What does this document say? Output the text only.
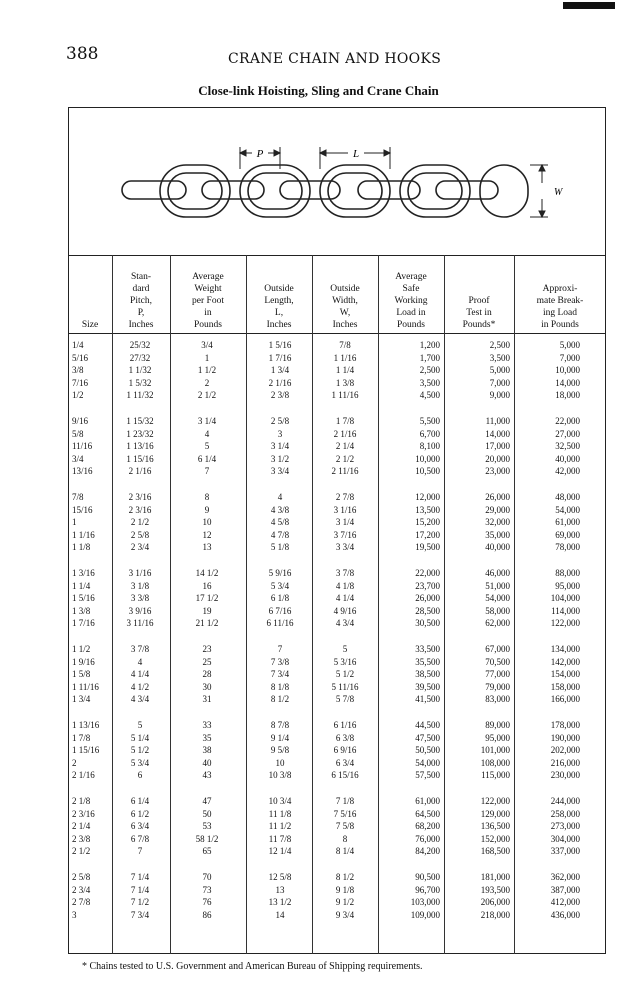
388	CRANE CHAIN AND HOOKS
Close-link Hoisting, Sling and Crane Chain
P	L
W
Size
Stan-
dard
Pitch,
P,
Inches
Average
Weight
per Foot
in
Pounds
Outside
Length,
L,
Inches
Outside
Width,
W,
Inches
Average
Safe
Working
Load in
Pounds
Proof
Test in
Pounds*
Approxi-
mate Break-
ing Load
in Pounds
1/4	25/32	3/4	1 5/16	7/8	1,200	2,500	5,000
5/16	27/32	1	1 7/16	1 1/16	1,700	3,500	7,000
3/8	1 1/32	1 1/2	1 3/4	1 1/4	2,500	5,000	10,000
7/16	1 5/32	2	2 1/16	1 3/8	3,500	7,000	14,000
1/2	1 11/32	2 1/2	2 3/8	1 11/16	4,500	9,000	18,000
9/16	1 15/32	3 1/4	2 5/8	1 7/8	5,500	11,000	22,000
5/8	1 23/32	4	3	2 1/16	6,700	14,000	27,000
11/16	1 13/16	5	3 1/4	2 1/4	8,100	17,000	32,500
3/4	1 15/16	6 1/4	3 1/2	2 1/2	10,000	20,000	40,000
13/16	2 1/16	7	3 3/4	2 11/16	10,500	23,000	42,000
7/8	2 3/16	8	4	2 7/8	12,000	26,000	48,000
15/16	2 3/16	9	4 3/8	3 1/16	13,500	29,000	54,000
1	2 1/2	10	4 5/8	3 1/4	15,200	32,000	61,000
1 1/16	2 5/8	12	4 7/8	3 7/16	17,200	35,000	69,000
1 1/8	2 3/4	13	5 1/8	3 3/4	19,500	40,000	78,000
1 3/16	3 1/16	14 1/2	5 9/16	3 7/8	22,000	46,000	88,000
1 1/4	3 1/8	16	5 3/4	4 1/8	23,700	51,000	95,000
1 5/16	3 3/8	17 1/2	6 1/8	4 1/4	26,000	54,000	104,000
1 3/8	3 9/16	19	6 7/16	4 9/16	28,500	58,000	114,000
1 7/16	3 11/16	21 1/2	6 11/16	4 3/4	30,500	62,000	122,000
1 1/2	3 7/8	23	7	5	33,500	67,000	134,000
1 9/16	4	25	7 3/8	5 3/16	35,500	70,500	142,000
1 5/8	4 1/4	28	7 3/4	5 1/2	38,500	77,000	154,000
1 11/16	4 1/2	30	8 1/8	5 11/16	39,500	79,000	158,000
1 3/4	4 3/4	31	8 1/2	5 7/8	41,500	83,000	166,000
1 13/16	5	33	8 7/8	6 1/16	44,500	89,000	178,000
1 7/8	5 1/4	35	9 1/4	6 3/8	47,500	95,000	190,000
1 15/16	5 1/2	38	9 5/8	6 9/16	50,500	101,000	202,000
2	5 3/4	40	10	6 3/4	54,000	108,000	216,000
2 1/16	6	43	10 3/8	6 15/16	57,500	115,000	230,000
2 1/8	6 1/4	47	10 3/4	7 1/8	61,000	122,000	244,000
2 3/16	6 1/2	50	11 1/8	7 5/16	64,500	129,000	258,000
2 1/4	6 3/4	53	11 1/2	7 5/8	68,200	136,500	273,000
2 3/8	6 7/8	58 1/2	11 7/8	8	76,000	152,000	304,000
2 1/2	7	65	12 1/4	8 1/4	84,200	168,500	337,000
2 5/8	7 1/4	70	12 5/8	8 1/2	90,500	181,000	362,000
2 3/4	7 1/4	73	13	9 1/8	96,700	193,500	387,000
2 7/8	7 1/2	76	13 1/2	9 1/2	103,000	206,000	412,000
3	7 3/4	86	14	9 3/4	109,000	218,000	436,000
* Chains tested to U.S. Government and American Bureau of Shipping requirements.
